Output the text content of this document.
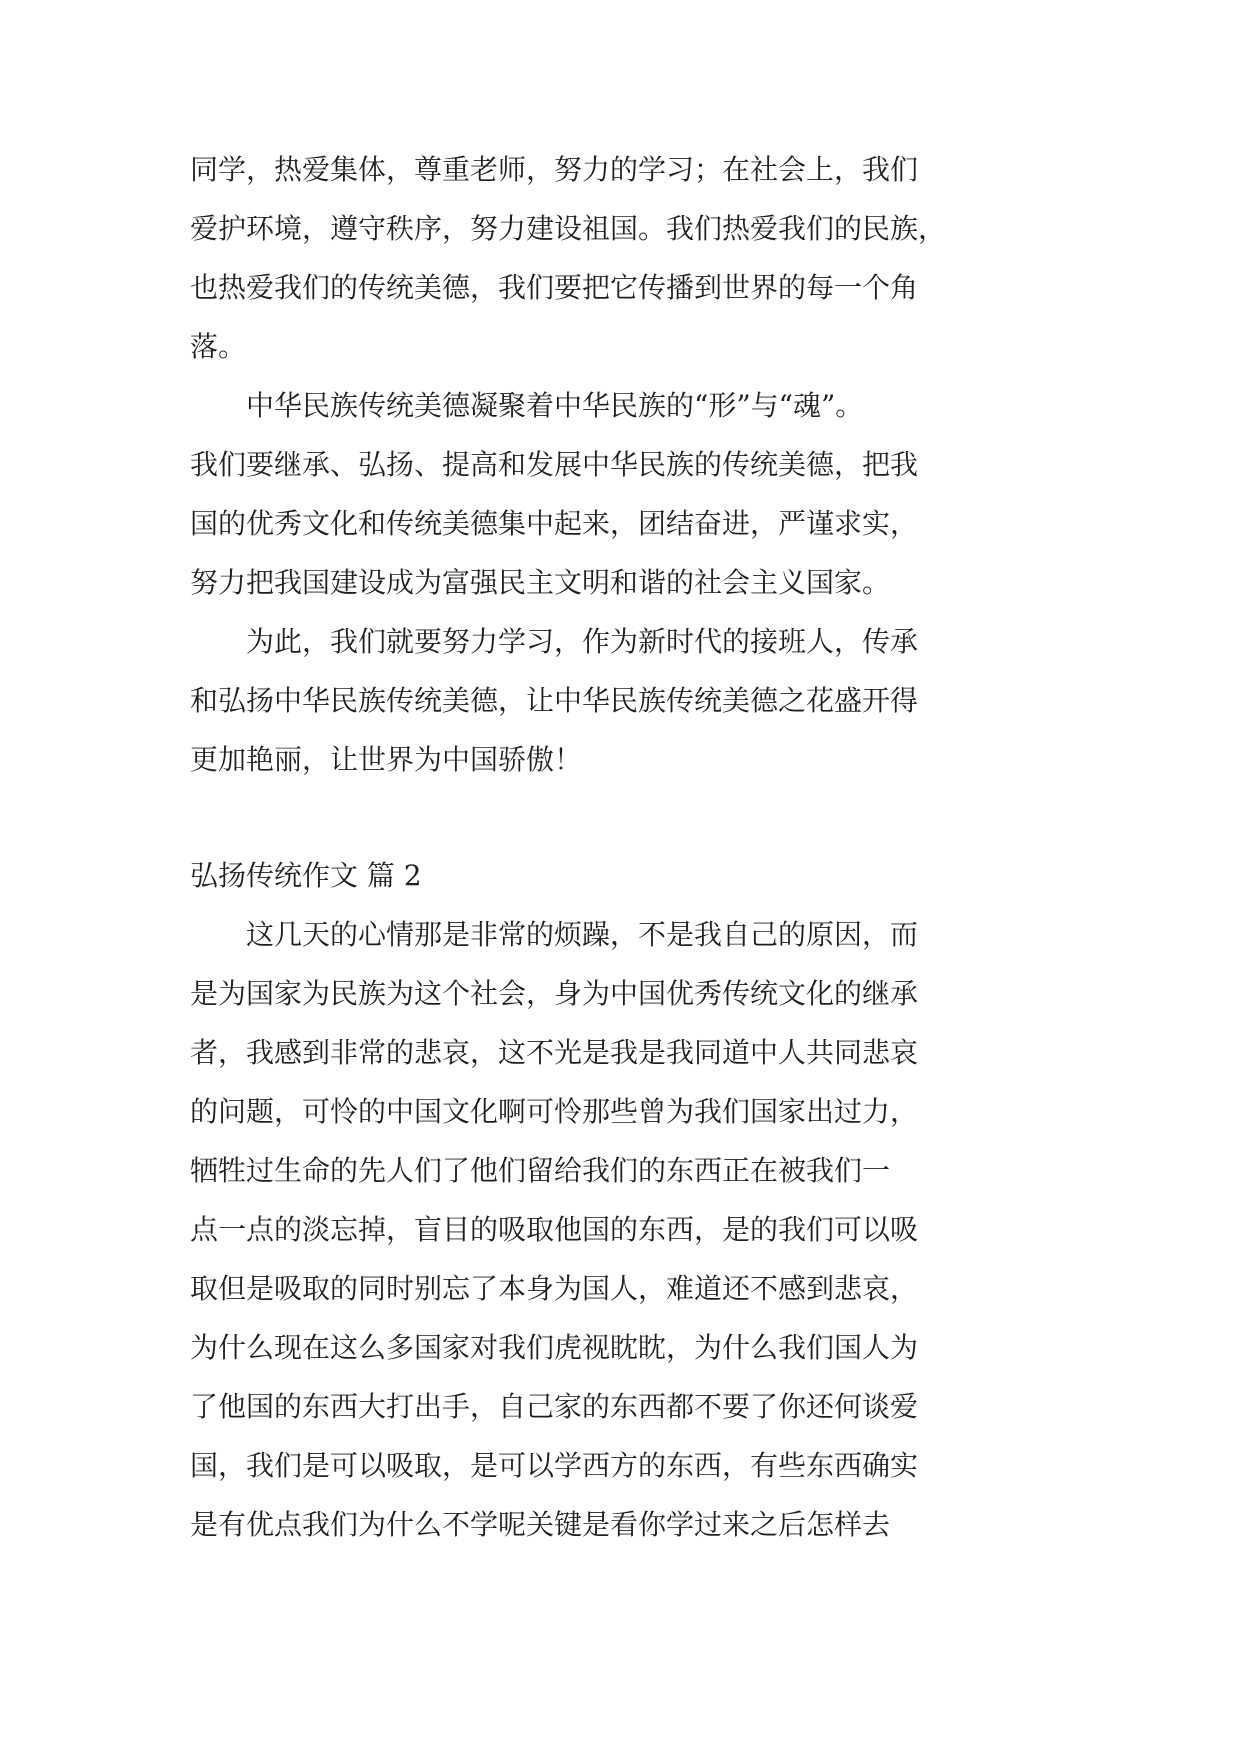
同学，热爱集体，尊重老师，努力的学习；在社会上，我们
爱护环境，遵守秩序，努力建设祖国。我们热爱我们的民族，
也热爱我们的传统美德，我们要把它传播到世界的每一个角
落。
　　中华民族传统美德凝聚着中华民族的“形”与“魂”。
我们要继承、弘扬、提高和发展中华民族的传统美德，把我
国的优秀文化和传统美德集中起来，团结奋进，严谨求实，
努力把我国建设成为富强民主文明和谐的社会主义国家。
　　为此，我们就要努力学习，作为新时代的接班人，传承
和弘扬中华民族传统美德，让中华民族传统美德之花盛开得
更加艳丽，让世界为中国骄傲！
弘扬传统作文 篇 2
　　这几天的心情那是非常的烦躁，不是我自己的原因，而
是为国家为民族为这个社会，身为中国优秀传统文化的继承
者，我感到非常的悲哀，这不光是我是我同道中人共同悲哀
的问题，可怜的中国文化啊可怜那些曾为我们国家出过力，
牺牲过生命的先人们了他们留给我们的东西正在被我们一
点一点的淡忘掉，盲目的吸取他国的东西，是的我们可以吸
取但是吸取的同时别忘了本身为国人，难道还不感到悲哀，
为什么现在这么多国家对我们虎视眈眈，为什么我们国人为
了他国的东西大打出手，自己家的东西都不要了你还何谈爱
国，我们是可以吸取，是可以学西方的东西，有些东西确实
是有优点我们为什么不学呢关键是看你学过来之后怎样去
